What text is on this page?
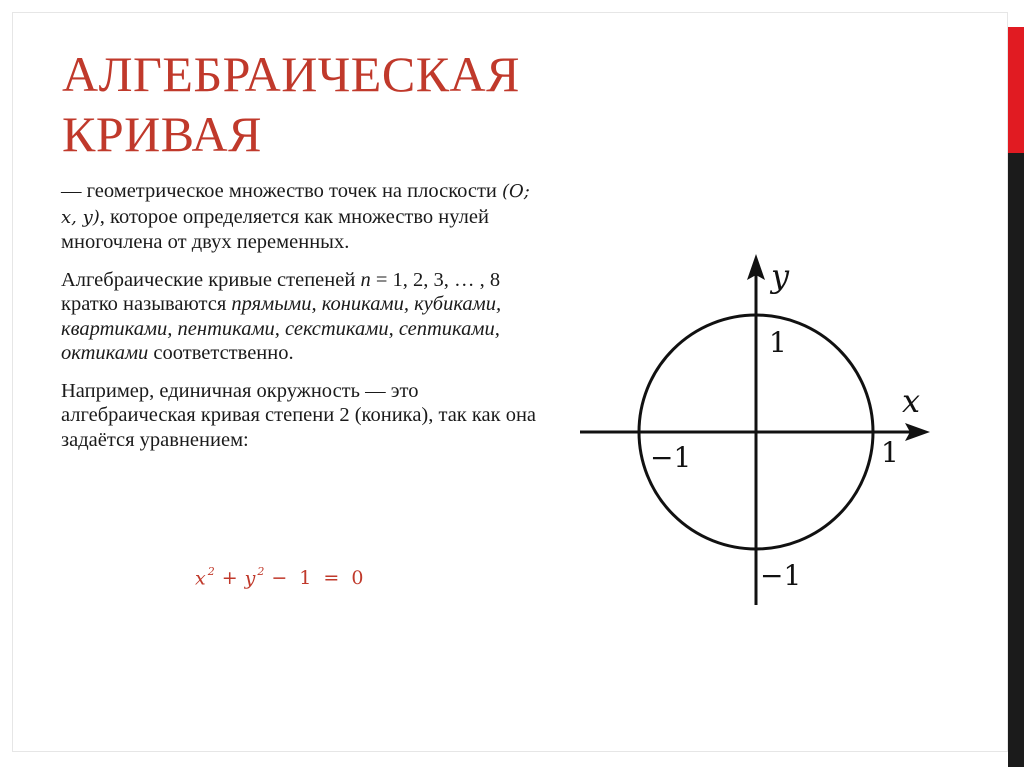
АЛГЕБРАИЧЕСКАЯ
КРИВАЯ

— геометрическое множество точек на плоскости (O; x, y), которое определяется как множество нулей многочлена от двух переменных.

Алгебраические кривые степеней n = 1, 2, 3, … , 8 кратко называются прямыми, кониками, кубиками, квартиками, пентиками, секстиками, септиками, октиками соответственно.

Например, единичная окружность — это алгебраическая кривая степени 2 (коника), так как она задаётся уравнением:

$x^2 + y^2 - 1 = 0$
y
x
1
−1
1
−1
